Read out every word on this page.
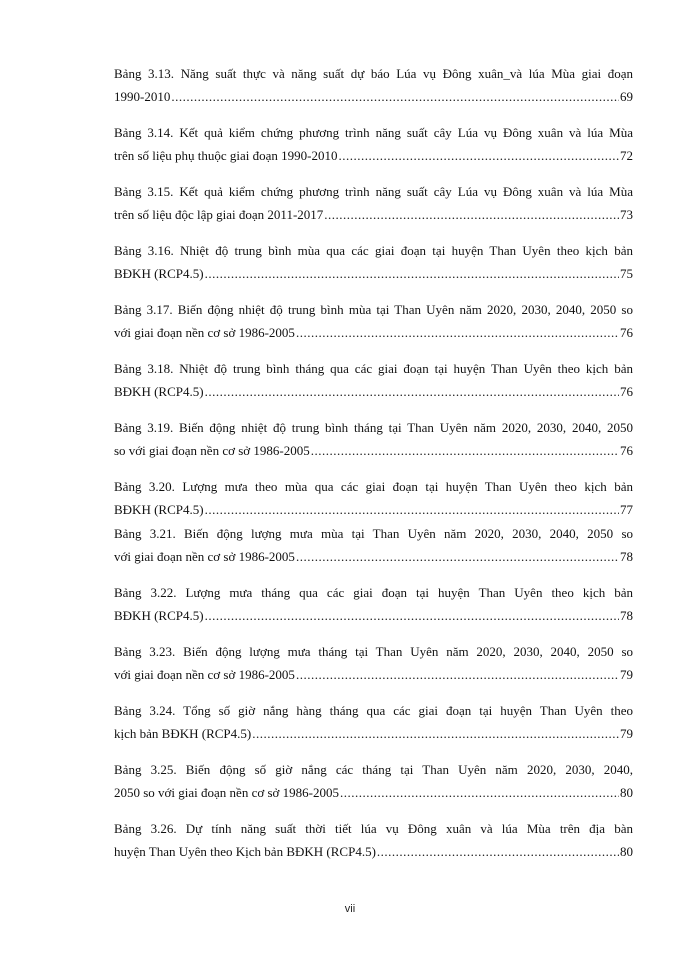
Bảng 3.13. Năng suất thực và năng suất dự báo Lúa vụ Đông xuân_và lúa Mùa giai đoạn
1990-2010 .....	69
Bảng 3.14. Kết quả kiểm chứng phương trình năng suất cây Lúa vụ Đông xuân và lúa Mùa
trên số liệu phụ thuộc giai đoạn 1990-2010 .....	72
Bảng 3.15. Kết quả kiểm chứng phương trình năng suất cây Lúa vụ Đông xuân và lúa Mùa
trên số liệu độc lập giai đoạn 2011-2017 .....	73
Bảng 3.16. Nhiệt độ trung bình mùa qua các giai đoạn tại huyện Than Uyên theo kịch bản
BĐKH (RCP4.5) .....	75
Bảng 3.17. Biến động nhiệt độ trung bình mùa tại Than Uyên năm 2020, 2030, 2040, 2050 so
với giai đoạn nền cơ sở 1986-2005 .....	76
Bảng 3.18. Nhiệt độ trung bình tháng qua các giai đoạn tại huyện Than Uyên theo kịch bản
BĐKH (RCP4.5) .....	76
Bảng 3.19. Biến động nhiệt độ trung bình tháng tại Than Uyên năm 2020, 2030, 2040, 2050
so với giai đoạn nền cơ sở 1986-2005 .....	76
Bảng 3.20. Lượng mưa theo mùa qua các giai đoạn tại huyện Than Uyên theo kịch bản
BĐKH (RCP4.5) .....	77
Bảng 3.21. Biến động lượng mưa mùa tại Than Uyên năm 2020, 2030, 2040, 2050 so
với giai đoạn nền cơ sở 1986-2005 .....	78
Bảng 3.22. Lượng mưa tháng qua các giai đoạn tại huyện Than Uyên theo kịch bản
BĐKH (RCP4.5) .....	78
Bảng 3.23. Biến động lượng mưa tháng tại Than Uyên năm 2020, 2030, 2040, 2050 so
với giai đoạn nền cơ sở 1986-2005 .....	79
Bảng 3.24. Tổng số giờ nắng hàng tháng qua các giai đoạn tại huyện Than Uyên theo
kịch bản BĐKH (RCP4.5) .....	79
Bảng 3.25. Biến động số giờ nắng các tháng tại Than Uyên năm 2020, 2030, 2040,
2050 so với giai đoạn nền cơ sở 1986-2005 .....	80
Bảng 3.26. Dự tính năng suất thời tiết lúa vụ Đông xuân và lúa Mùa trên địa bàn
huyện Than Uyên theo Kịch bản BĐKH (RCP4.5) .....	80
vii
